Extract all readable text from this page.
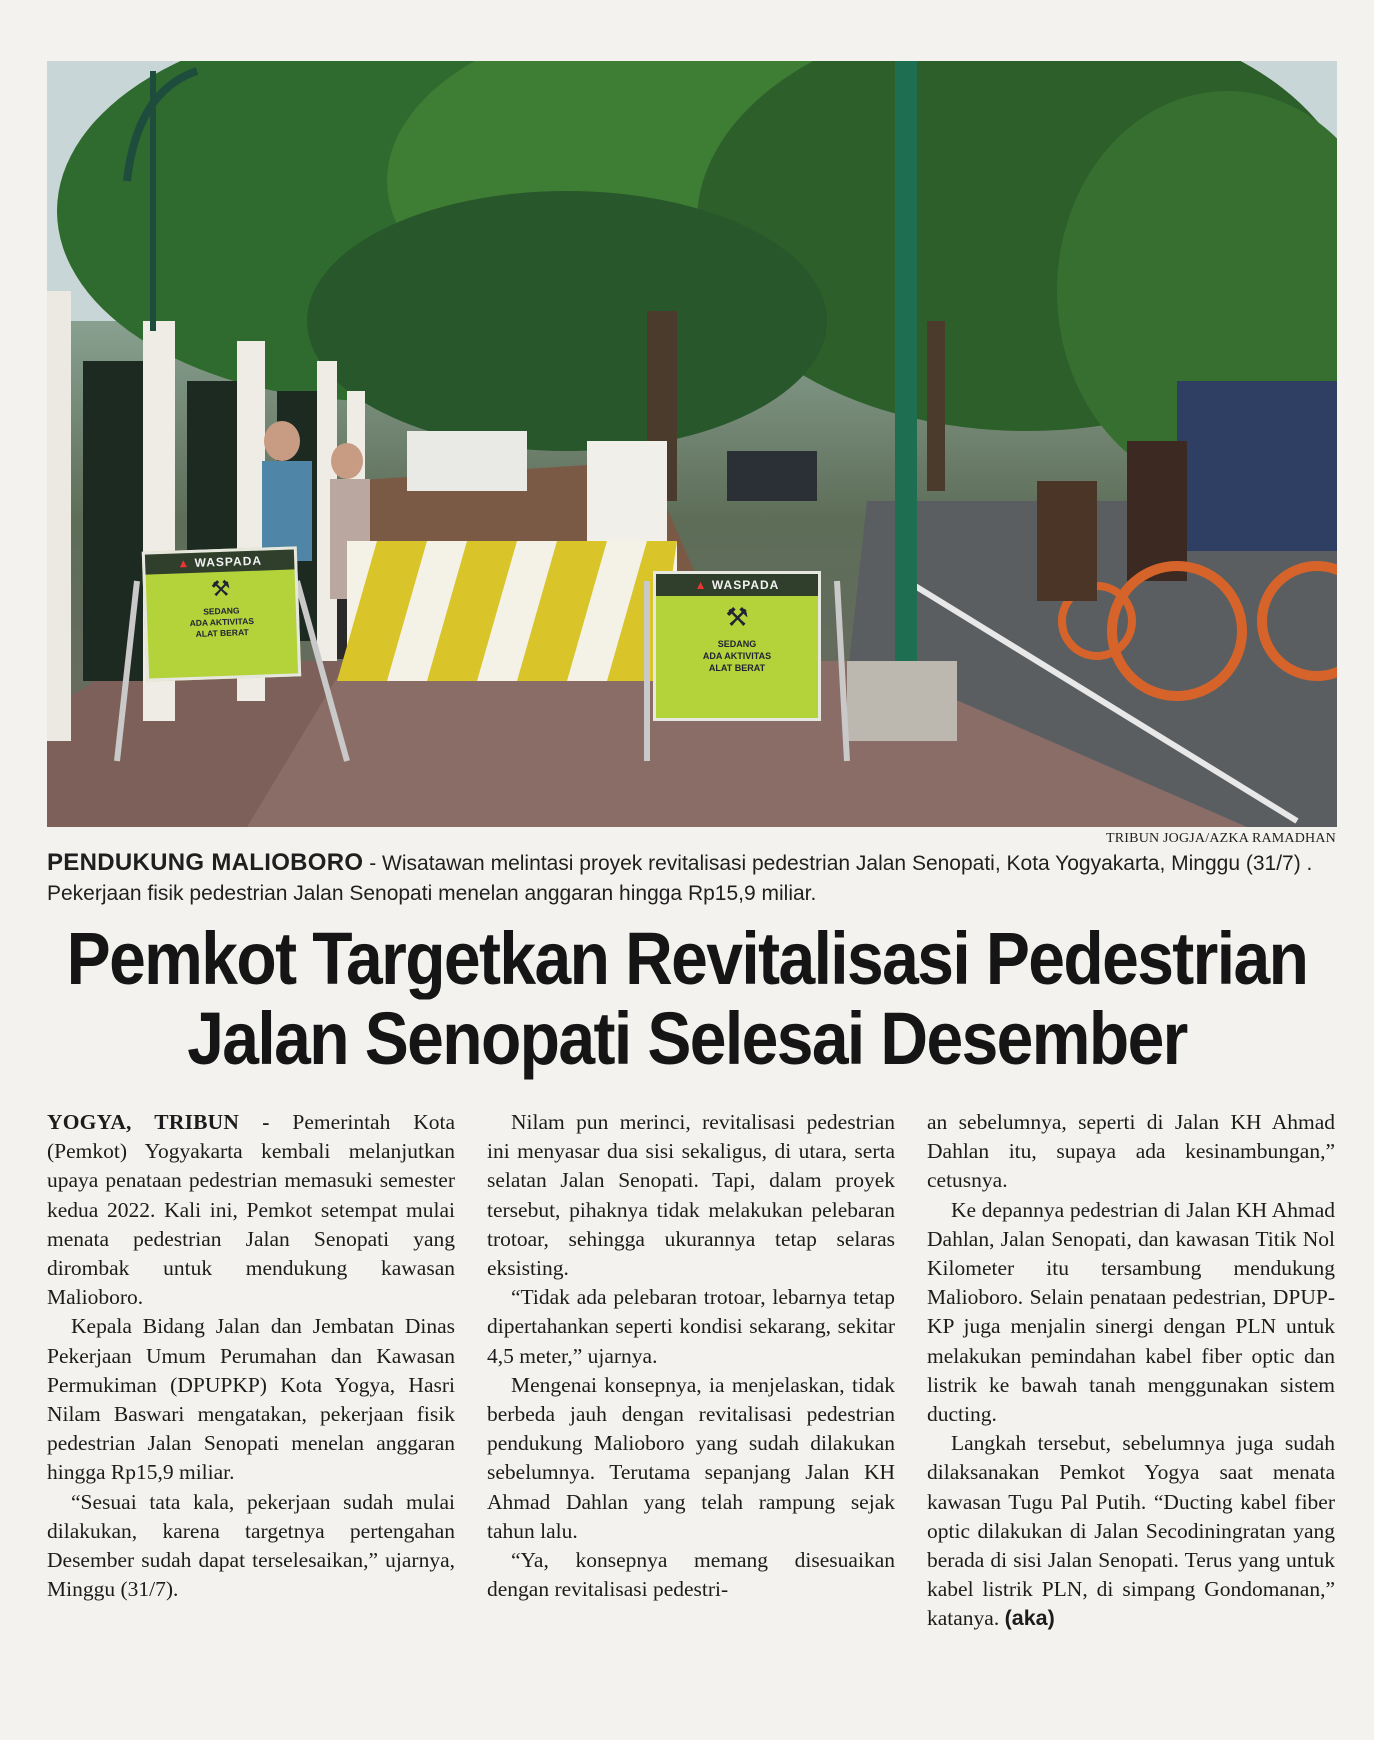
▲ WASPADA
⚒
SEDANG
ADA AKTIVITAS
ALAT BERAT
▲ WASPADA
⚒
SEDANG
ADA AKTIVITAS
ALAT BERAT
TRIBUN JOGJA/AZKA RAMADHAN
PENDUKUNG MALIOBORO - Wisatawan melintasi proyek revitalisasi pedestrian Jalan Senopati, Kota Yogyakarta, Minggu (31/7) . Pekerjaan fisik pedestrian Jalan Senopati menelan anggaran hingga Rp15,9 miliar.
Pemkot Targetkan Revitalisasi Pedestrian
Jalan Senopati Selesai Desember

YOGYA, TRIBUN - Pemerintah Kota (Pemkot) Yogyakarta kembali melanjutkan upaya penataan pedestrian memasuki semester kedua 2022. Kali ini, Pemkot setempat mulai menata pedestrian Jalan Senopati yang dirombak untuk mendukung kawasan Malioboro.

Kepala Bidang Jalan dan Jembatan Dinas Pekerjaan Umum Perumahan dan Kawasan Permukiman (DPUPKP) Kota Yogya, Hasri Nilam Baswari mengatakan, pekerjaan fisik pedestrian Jalan Senopati menelan anggaran hingga Rp15,9 miliar.

“Sesuai tata kala, pekerjaan sudah mulai dilakukan, karena targetnya pertengahan Desember sudah dapat terselesaikan,” ujarnya, Minggu (31/7).

Nilam pun merinci, revitalisasi pedestrian ini menyasar dua sisi sekaligus, di utara, serta selatan Jalan Senopati. Tapi, dalam proyek tersebut, pihaknya tidak melakukan pelebaran trotoar, sehingga ukurannya tetap selaras eksisting.

“Tidak ada pelebaran trotoar, lebarnya tetap dipertahankan seperti kondisi sekarang, sekitar 4,5 meter,” ujarnya.

Mengenai konsepnya, ia menjelaskan, tidak berbeda jauh dengan revitalisasi pedestrian pendukung Malioboro yang sudah dilakukan sebelumnya. Terutama sepanjang Jalan KH Ahmad Dahlan yang telah rampung sejak tahun lalu.

“Ya, konsepnya memang disesuaikan dengan revitalisasi pedestri-

an sebelumnya, seperti di Jalan KH Ahmad Dahlan itu, supaya ada kesinambungan,” cetusnya.

Ke depannya pedestrian di Jalan KH Ahmad Dahlan, Jalan Senopati, dan kawasan Titik Nol Kilometer itu tersambung mendukung Malioboro. Selain penataan pedestrian, DPUP-KP juga menjalin sinergi dengan PLN untuk melakukan pemindahan kabel fiber optic dan listrik ke bawah tanah menggunakan sistem ducting.

Langkah tersebut, sebelumnya juga sudah dilaksanakan Pemkot Yogya saat menata kawasan Tugu Pal Putih. “Ducting kabel fiber optic dilakukan di Jalan Secodiningratan yang berada di sisi Jalan Senopati. Terus yang untuk kabel listrik PLN, di simpang Gondomanan,” katanya. (aka)
